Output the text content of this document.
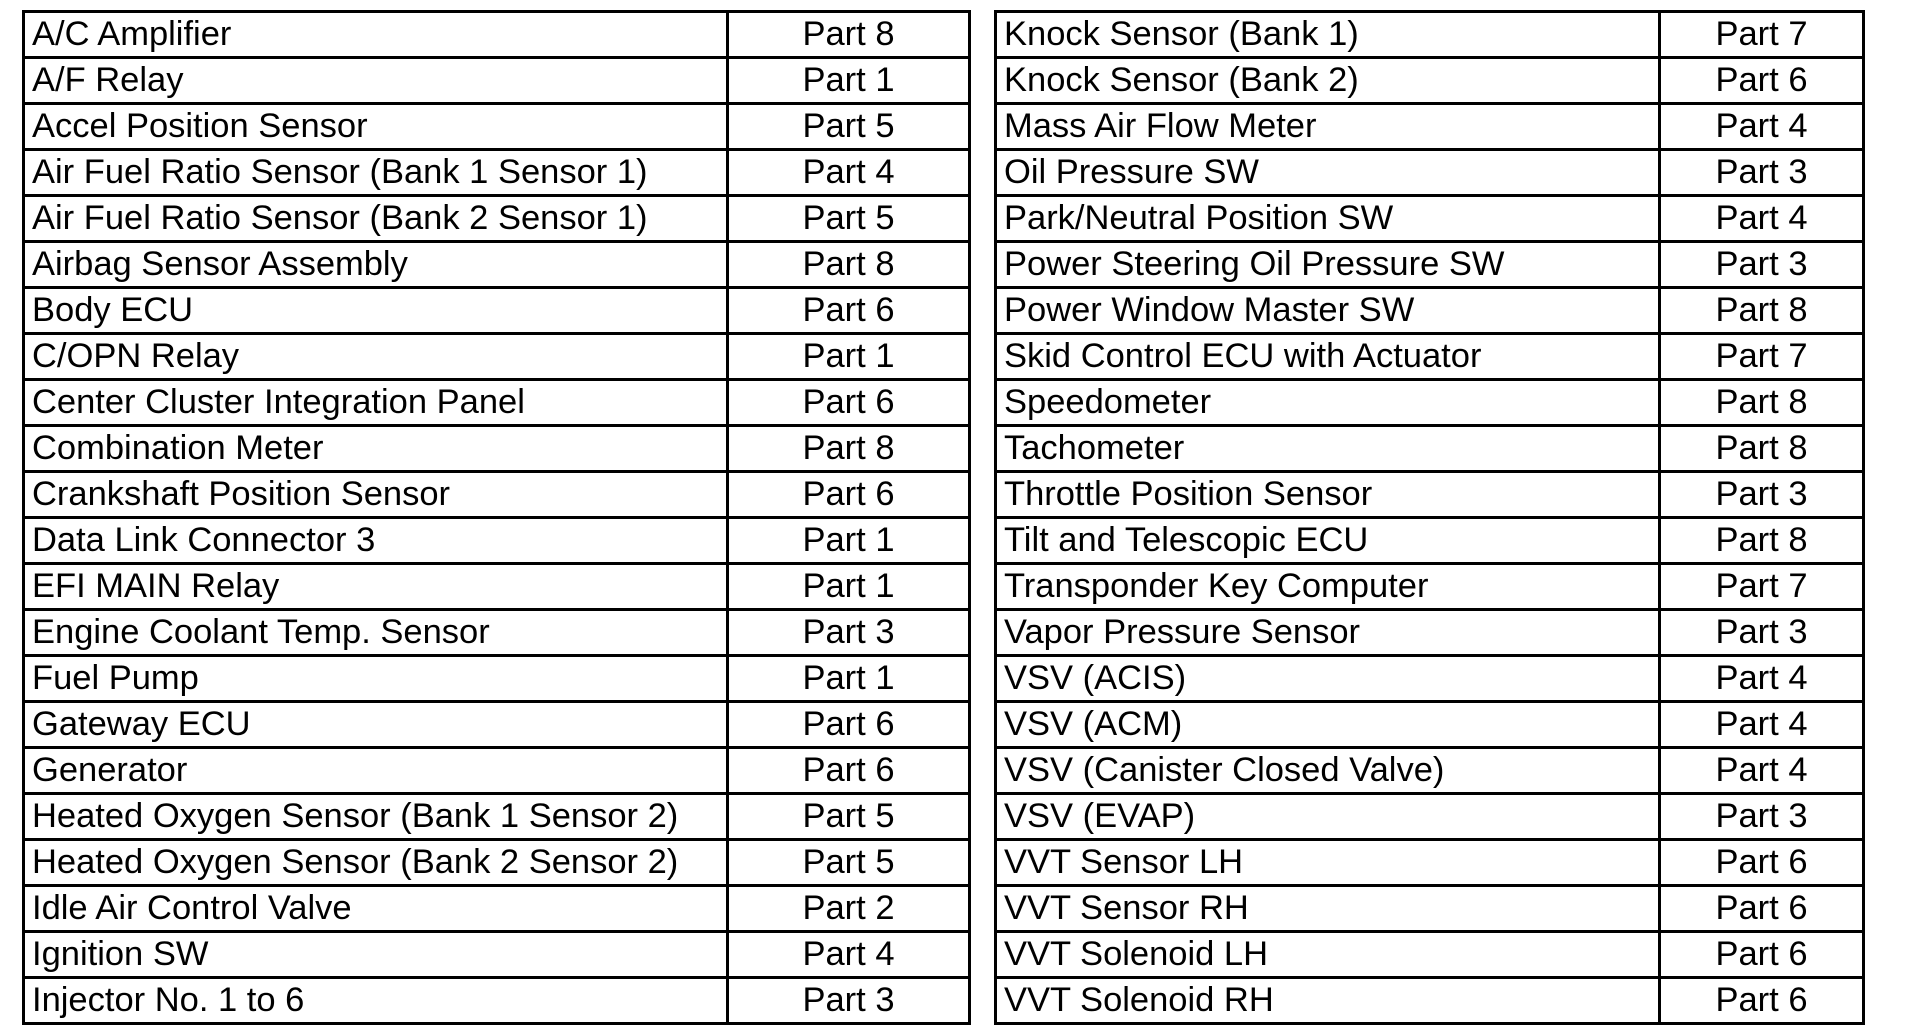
A/C Amplifier	Part 8
A/F Relay	Part 1
Accel Position Sensor	Part 5
Air Fuel Ratio Sensor (Bank 1 Sensor 1)	Part 4
Air Fuel Ratio Sensor (Bank 2 Sensor 1)	Part 5
Airbag Sensor Assembly	Part 8
Body ECU	Part 6
C/OPN Relay	Part 1
Center Cluster Integration Panel	Part 6
Combination Meter	Part 8
Crankshaft Position Sensor	Part 6
Data Link Connector 3	Part 1
EFI MAIN Relay	Part 1
Engine Coolant Temp. Sensor	Part 3
Fuel Pump	Part 1
Gateway ECU	Part 6
Generator	Part 6
Heated Oxygen Sensor (Bank 1 Sensor 2)	Part 5
Heated Oxygen Sensor (Bank 2 Sensor 2)	Part 5
Idle Air Control Valve	Part 2
Ignition SW	Part 4
Injector No. 1 to 6	Part 3
Knock Sensor (Bank 1)	Part 7
Knock Sensor (Bank 2)	Part 6
Mass Air Flow Meter	Part 4
Oil Pressure SW	Part 3
Park/Neutral Position SW	Part 4
Power Steering Oil Pressure SW	Part 3
Power Window Master SW	Part 8
Skid Control ECU with Actuator	Part 7
Speedometer	Part 8
Tachometer	Part 8
Throttle Position Sensor	Part 3
Tilt and Telescopic ECU	Part 8
Transponder Key Computer	Part 7
Vapor Pressure Sensor	Part 3
VSV (ACIS)	Part 4
VSV (ACM)	Part 4
VSV (Canister Closed Valve)	Part 4
VSV (EVAP)	Part 3
VVT Sensor LH	Part 6
VVT Sensor RH	Part 6
VVT Solenoid LH	Part 6
VVT Solenoid RH	Part 6
